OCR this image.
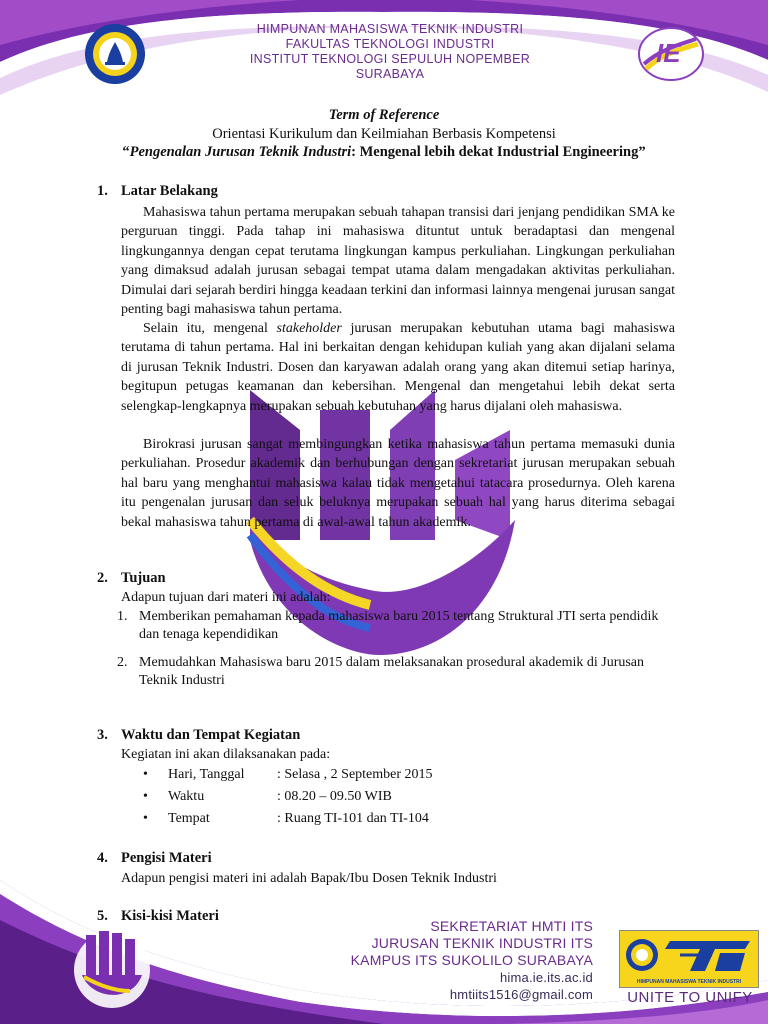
HIMPUNAN MAHASISWA TEKNIK INDUSTRI
FAKULTAS TEKNOLOGI INDUSTRI
INSTITUT TEKNOLOGI SEPULUH NOPEMBER
SURABAYA
IE
Term of Reference
Orientasi Kurikulum dan Keilmiahan Berbasis Kompetensi
“Pengenalan Jurusan Teknik Industri: Mengenal lebih dekat Industrial Engineering”
1. Latar Belakang
Mahasiswa tahun pertama merupakan sebuah tahapan transisi dari jenjang pendidikan SMA ke perguruan tinggi. Pada tahap ini mahasiswa dituntut untuk beradaptasi dan mengenal lingkungannya dengan cepat terutama lingkungan kampus perkuliahan. Lingkungan perkuliahan yang dimaksud adalah jurusan sebagai tempat utama dalam mengadakan aktivitas perkuliahan. Dimulai dari sejarah berdiri hingga keadaan terkini dan informasi lainnya mengenai jurusan sangat penting bagi mahasiswa tahun pertama.
Selain itu, mengenal stakeholder jurusan merupakan kebutuhan utama bagi mahasiswa terutama di tahun pertama. Hal ini berkaitan dengan kehidupan kuliah yang akan dijalani selama di jurusan Teknik Industri. Dosen dan karyawan adalah orang yang akan ditemui setiap harinya, begitupun petugas keamanan dan kebersihan. Mengenal dan mengetahui lebih dekat serta selengkap-lengkapnya merupakan sebuah kebutuhan yang harus dijalani oleh mahasiswa.
Birokrasi jurusan sangat membingungkan ketika mahasiswa tahun pertama memasuki dunia perkuliahan. Prosedur akademik dan berhubungan dengan sekretariat jurusan merupakan sebuah hal baru yang menghantui mahasiswa kalau tidak mengetahui tatacara prosedurnya. Oleh karena itu pengenalan jurusan dan seluk beluknya merupakan sebuah hal yang harus diterima sebagai bekal mahasiswa tahun pertama di awal-awal tahun akademik.
2. Tujuan
Adapun tujuan dari materi ini adalah:
1. Memberikan pemahaman kepada mahasiswa baru 2015 tentang Struktural JTI serta pendidik dan tenaga kependidikan
2. Memudahkan Mahasiswa baru 2015 dalam melaksanakan prosedural akademik di Jurusan Teknik Industri
3. Waktu dan Tempat Kegiatan
Kegiatan ini akan dilaksanakan pada:
• Hari, Tanggal : Selasa , 2 September 2015
• Waktu	: 08.20 – 09.50 WIB
• Tempat	: Ruang TI-101 dan TI-104
4. Pengisi Materi
Adapun pengisi materi ini adalah Bapak/Ibu Dosen Teknik Industri
5. Kisi-kisi Materi
SEKRETARIAT HMTI ITS
JURUSAN TEKNIK INDUSTRI ITS
KAMPUS ITS SUKOLILO SURABAYA
hima.ie.its.ac.id
hmtiits1516@gmail.com
HIMPUNAN MAHASISWA TEKNIK INDUSTRI
UNITE TO UNIFY
